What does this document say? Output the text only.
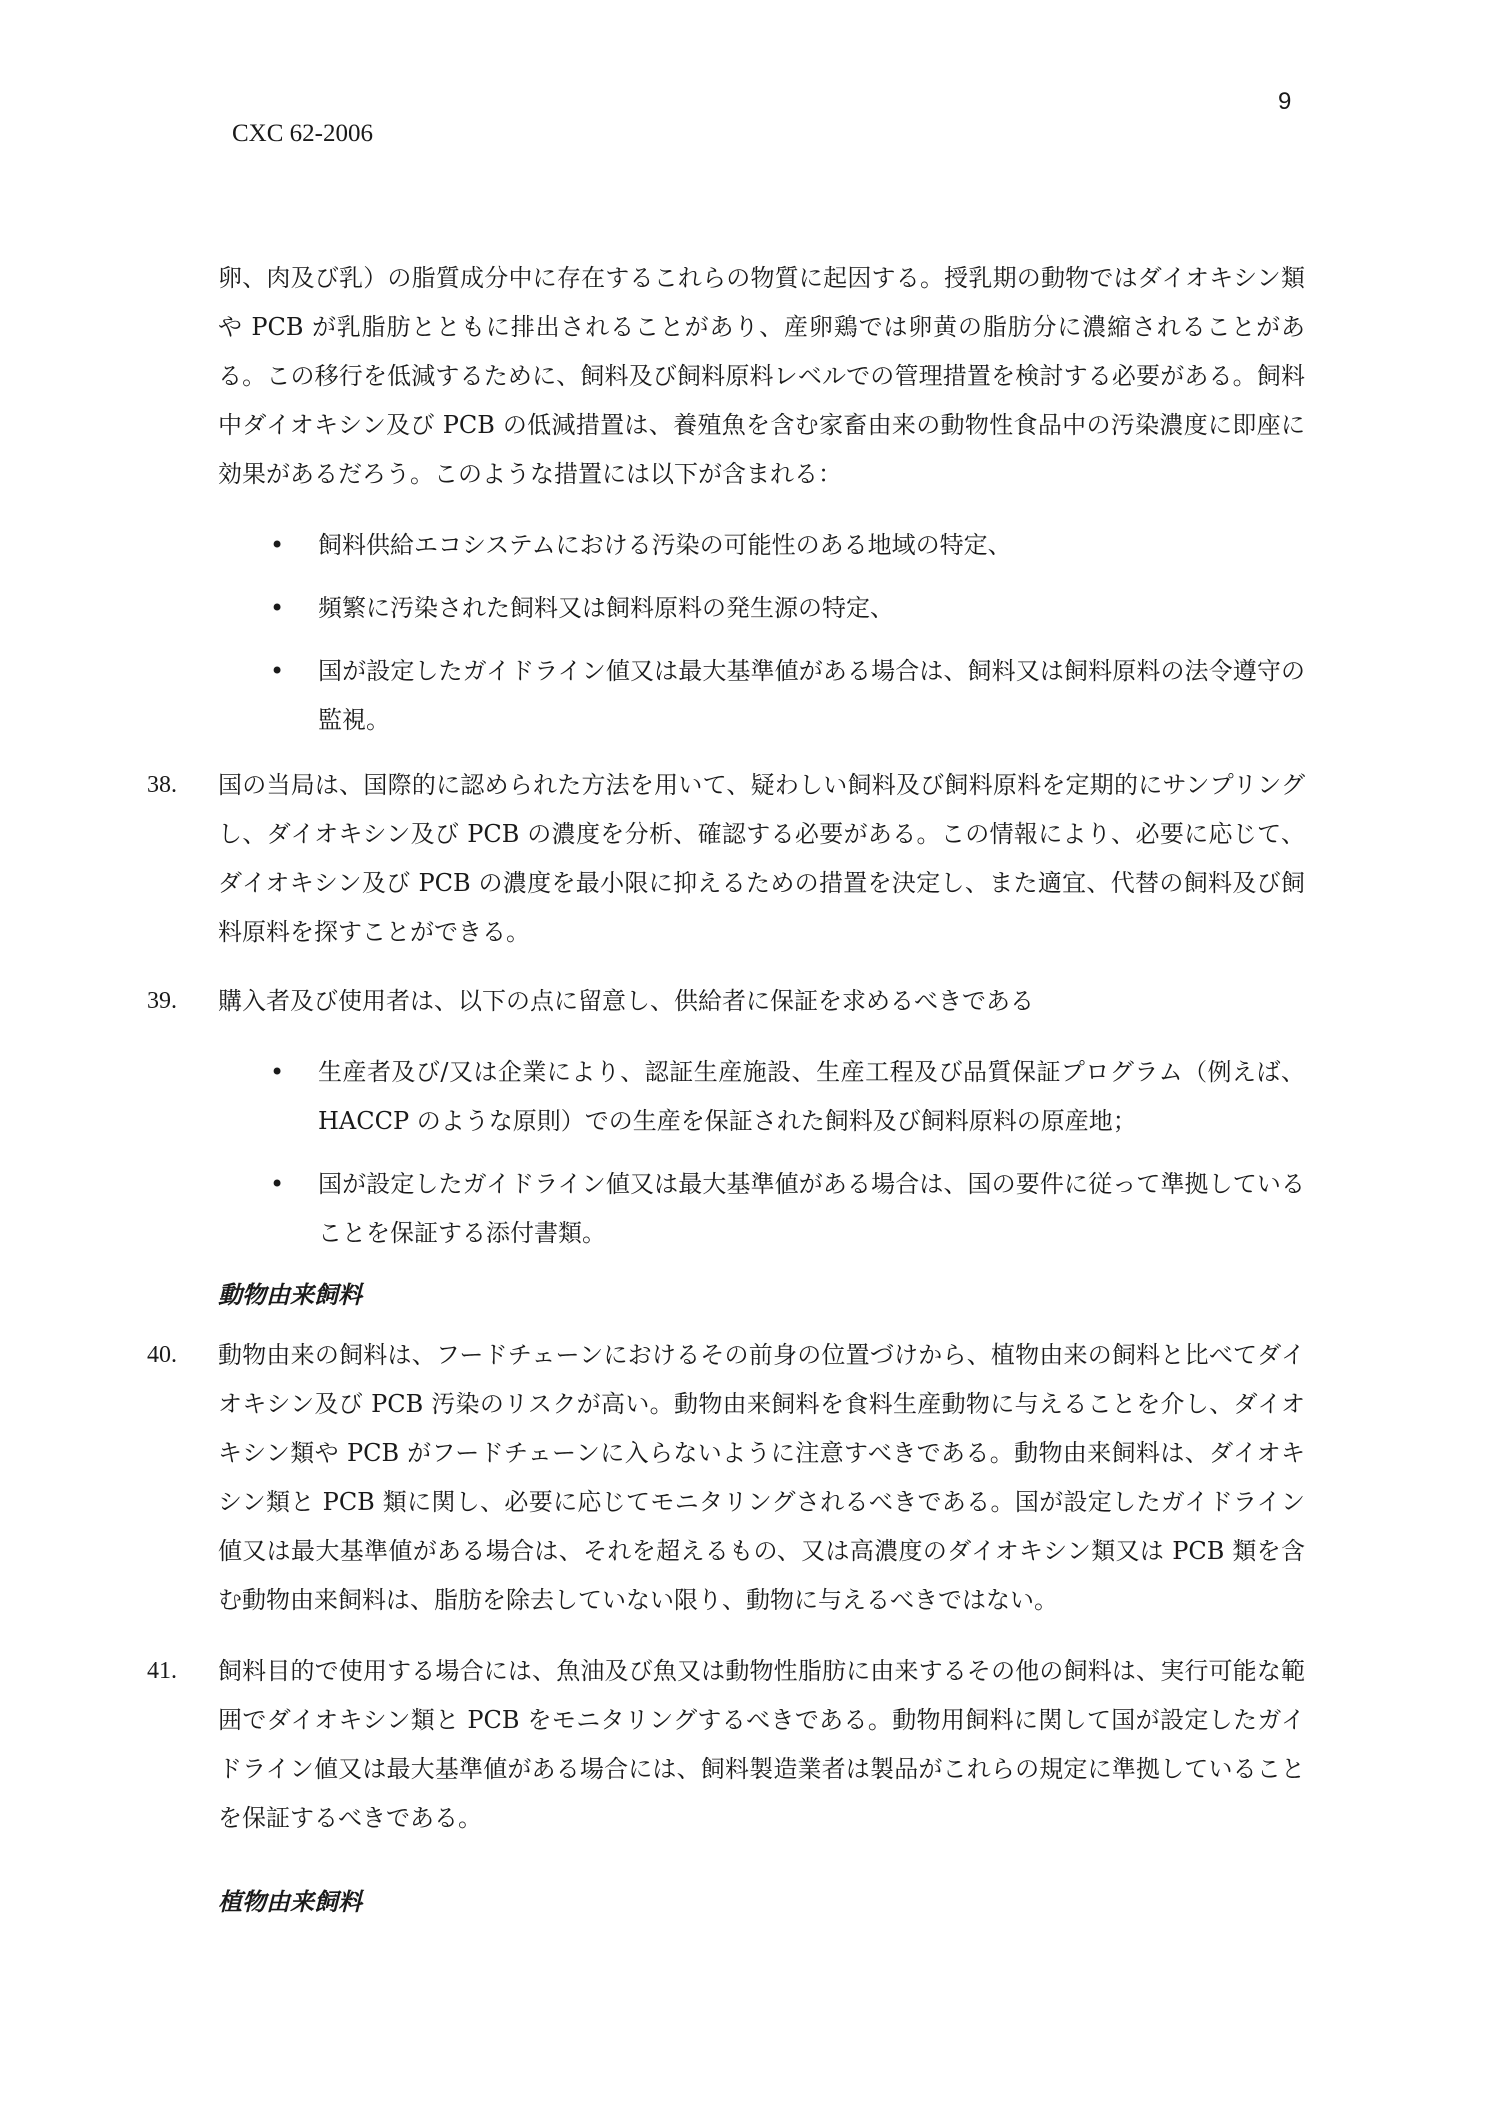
9
CXC 62-2006

卵、肉及び乳）の脂質成分中に存在するこれらの物質に起因する。授乳期の動物ではダイオキシン類や PCB が乳脂肪とともに排出されることがあり、産卵鶏では卵黄の脂肪分に濃縮されることがある。この移行を低減するために、飼料及び飼料原料レベルでの管理措置を検討する必要がある。飼料中ダイオキシン及び PCB の低減措置は、養殖魚を含む家畜由来の動物性食品中の汚染濃度に即座に効果があるだろう。このような措置には以下が含まれる：

•	飼料供給エコシステムにおける汚染の可能性のある地域の特定、
•	頻繁に汚染された飼料又は飼料原料の発生源の特定、
•	国が設定したガイドライン値又は最大基準値がある場合は、飼料又は飼料原料の法令遵守の監視。
38.	国の当局は、国際的に認められた方法を用いて、疑わしい飼料及び飼料原料を定期的にサンプリングし、ダイオキシン及び PCB の濃度を分析、確認する必要がある。この情報により、必要に応じて、ダイオキシン及び PCB の濃度を最小限に抑えるための措置を決定し、また適宜、代替の飼料及び飼料原料を探すことができる。
39.	購入者及び使用者は、以下の点に留意し、供給者に保証を求めるべきである
•	生産者及び/又は企業により、認証生産施設、生産工程及び品質保証プログラム（例えば、HACCP のような原則）での生産を保証された飼料及び飼料原料の原産地；
•	国が設定したガイドライン値又は最大基準値がある場合は、国の要件に従って準拠していることを保証する添付書類。
動物由来飼料
40.	動物由来の飼料は、フードチェーンにおけるその前身の位置づけから、植物由来の飼料と比べてダイオキシン及び PCB 汚染のリスクが高い。動物由来飼料を食料生産動物に与えることを介し、ダイオキシン類や PCB がフードチェーンに入らないように注意すべきである。動物由来飼料は、ダイオキシン類と PCB 類に関し、必要に応じてモニタリングされるべきである。国が設定したガイドライン値又は最大基準値がある場合は、それを超えるもの、又は高濃度のダイオキシン類又は PCB 類を含む動物由来飼料は、脂肪を除去していない限り、動物に与えるべきではない。
41.	飼料目的で使用する場合には、魚油及び魚又は動物性脂肪に由来するその他の飼料は、実行可能な範囲でダイオキシン類と PCB をモニタリングするべきである。動物用飼料に関して国が設定したガイドライン値又は最大基準値がある場合には、飼料製造業者は製品がこれらの規定に準拠していることを保証するべきである。
植物由来飼料
